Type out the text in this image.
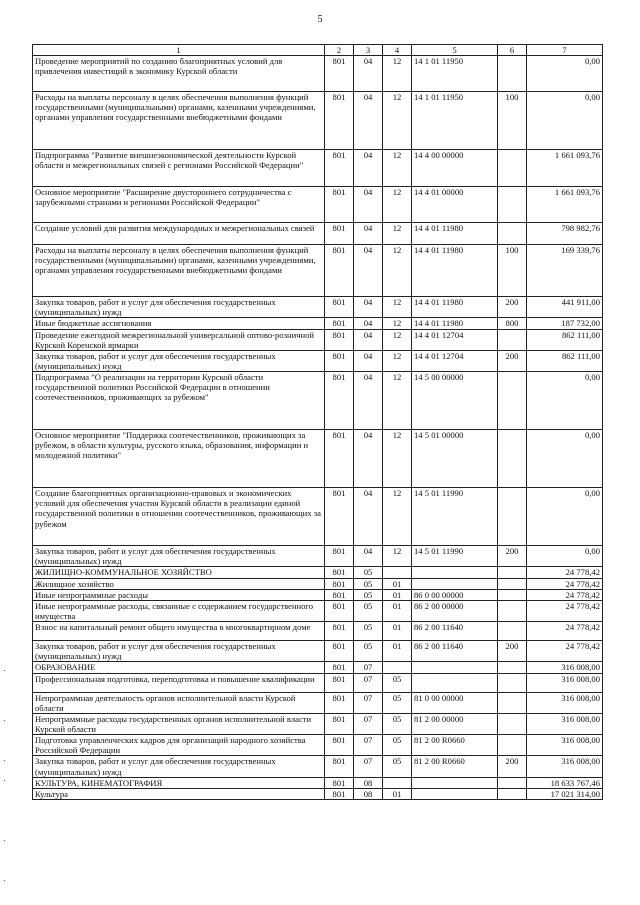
5
1	2	3	4	5	6	7
Проведение мероприятий по созданию благоприятных условий для привлечения инвестиций в экономику Курской области	801	04	12	14 1 01 11950		0,00
Расходы на выплаты персоналу в целях обеспечения выполнения функций государственными (муниципальными) органами, казенными учреждениями, органами управления государственными внебюджетными фондами	801	04	12	14 1 01 11950	100	0,00
Подпрограмма "Развитие внешнеэкономической деятельности Курской области и межрегиональных связей с регионами Российской Федерации"	801	04	12	14 4 00 00000		1 661 093,76
Основное мероприятие "Расширение двустороннего сотрудничества с зарубежными странами и регионами Российской Федерации"	801	04	12	14 4 01 00000		1 661 093,76
Создание условий для развития международных и межрегиональных связей	801	04	12	14 4 01 11980		798 982,76
Расходы на выплаты персоналу в целях обеспечения выполнения функций государственными (муниципальными) органами, казенными учреждениями, органами управления государственными внебюджетными фондами	801	04	12	14 4 01 11980	100	169 339,76
Закупка товаров, работ и услуг для обеспечения государственных (муниципальных) нужд	801	04	12	14 4 01 11980	200	441 911,00
Иные бюджетные ассигнования	801	04	12	14 4 01 11980	800	187 732,00
Проведение ежегодной межрегиональной универсальной оптово-розничной Курской Коренской ярмарки	801	04	12	14 4 01 12704		862 111,00
Закупка товаров, работ и услуг для обеспечения государственных (муниципальных) нужд	801	04	12	14 4 01 12704	200	862 111,00
Подпрограмма "О реализации на территории Курской области государственной политики Российской Федерации в отношении соотечественников, проживающих за рубежом"	801	04	12	14 5 00 00000		0,00
Основное мероприятие "Поддержка соотечественников, проживающих за рубежом, в области культуры, русского языка, образования, информации и молодежной политики"	801	04	12	14 5 01 00000		0,00
Создание благоприятных организационно-правовых и экономических условий для обеспечения участия Курской области в реализации единой государственной политики в отношении соотечественников, проживающих за рубежом	801	04	12	14 5 01 11990		0,00
Закупка товаров, работ и услуг для обеспечения государственных (муниципальных) нужд	801	04	12	14 5 01 11990	200	0,00
ЖИЛИЩНО-КОММУНАЛЬНОЕ ХОЗЯЙСТВО	801	05				24 778,42
Жилищное хозяйство	801	05	01			24 778,42
Иные непрограммные расходы	801	05	01	86 0 00 00000		24 778,42
Иные непрограммные расходы, связанные с содержанием государственного имущества	801	05	01	86 2 00 00000		24 778,42
Взнос на капитальный ремонт общего имущества в многоквартирном доме	801	05	01	86 2 00 11640		24 778,42
Закупка товаров, работ и услуг для обеспечения государственных (муниципальных) нужд	801	05	01	86 2 00 11640	200	24 778,42
ОБРАЗОВАНИЕ	801	07				316 008,00
Профессиональная подготовка, переподготовка и повышение квалификации	801	07	05			316 008,00
Непрограммная деятельность органов исполнительной власти Курской области	801	07	05	81 0 00 00000		316 008,00
Непрограммные расходы государственных органов исполнительной власти Курской области	801	07	05	81 2 00 00000		316 008,00
Подготовка управленческих кадров для организаций народного хозяйства Российской Федерации	801	07	05	81 2 00 R0660		316 008,00
Закупка товаров, работ и услуг для обеспечения государственных (муниципальных) нужд	801	07	05	81 2 00 R0660	200	316 008,00
КУЛЬТУРА, КИНЕМАТОГРАФИЯ	801	08				18 633 767,46
Культура	801	08	01			17 021 314,00
